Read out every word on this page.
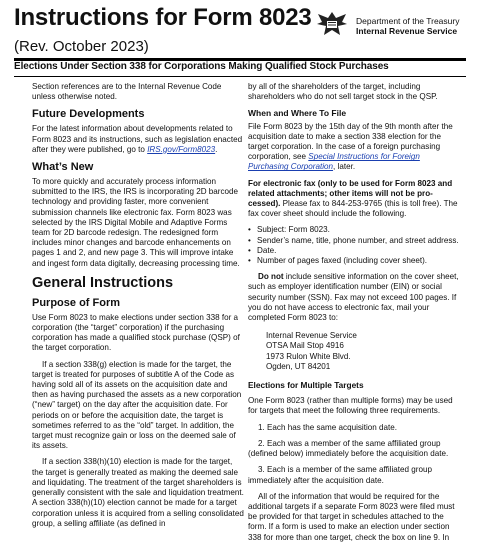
Instructions for Form 8023
(Rev. October 2023)
Elections Under Section 338 for Corporations Making Qualified Stock Purchases
Department of the Treasury
Internal Revenue Service

Section references are to the Internal Revenue Code unless otherwise noted.

Future Developments

For the latest information about developments related to Form 8023 and its instructions, such as legislation enacted after they were published, go to IRS.gov/Form8023.

What’s New

To more quickly and accurately process information submitted to the IRS, the IRS is incorporating 2D barcode technology and providing faster, more convenient submission channels like electronic fax. Form 8023 was selected by the IRS Digital Mobile and Adaptive Forms team for 2D barcode redesign. The redesigned form includes minor changes and barcode enhancements on pages 1 and 2, and new page 3. This will improve intake and ingest form data digitally, decreasing processing time.

General Instructions
Purpose of Form

Use Form 8023 to make elections under section 338 for a corporation (the “target” corporation) if the purchasing corporation has made a qualified stock purchase (QSP) of the target corporation.

If a section 338(g) election is made for the target, the target is treated for purposes of subtitle A of the Code as having sold all of its assets on the acquisition date and then as having purchased the assets as a new corporation (“new” target) on the day after the acquisition date. For periods on or before the acquisition date, the target is sometimes referred to as the “old” target. In addition, the target must recognize gain or loss on the deemed sale of its assets.

If a section 338(h)(10) election is made for the target, the target is generally treated as making the deemed sale and liquidating. The treatment of the target shareholders is generally consistent with the sale and liquidation treatment. A section 338(h)(10) election cannot be made for a target corporation unless it is acquired from a selling consolidated group, a selling affiliate (as defined in

by all of the shareholders of the target, including shareholders who do not sell target stock in the QSP.

When and Where To File

File Form 8023 by the 15th day of the 9th month after the acquisition date to make a section 338 election for the target corporation. In the case of a foreign purchasing corporation, see Special Instructions for Foreign Purchasing Corporation, later.

For electronic fax (only to be used for Form 8023 and related attachments; other items will not be pro-cessed). Please fax to 844-253-9765 (this is toll free). The fax cover sheet should include the following.

• Subject: Form 8023.
• Sender’s name, title, phone number, and street address.
• Date.
• Number of pages faxed (including cover sheet).

Do not include sensitive information on the cover sheet, such as employer identification number (EIN) or social security number (SSN). Fax may not exceed 100 pages. If you do not have access to electronic fax, mail your completed Form 8023 to:

Internal Revenue Service
OTSA Mail Stop 4916
1973 Rulon White Blvd.
Ogden, UT 84201
Elections for Multiple Targets

One Form 8023 (rather than multiple forms) may be used for targets that meet the following three requirements.

1. Each has the same acquisition date.

2. Each was a member of the same affiliated group (defined below) immediately before the acquisition date.

3. Each is a member of the same affiliated group immediately after the acquisition date.

All of the information that would be required for the additional targets if a separate Form 8023 were filed must be provided for that target in schedules attached to the form. If a form is used to make an election under section 338 for more than one target, check the box on line 9. In
